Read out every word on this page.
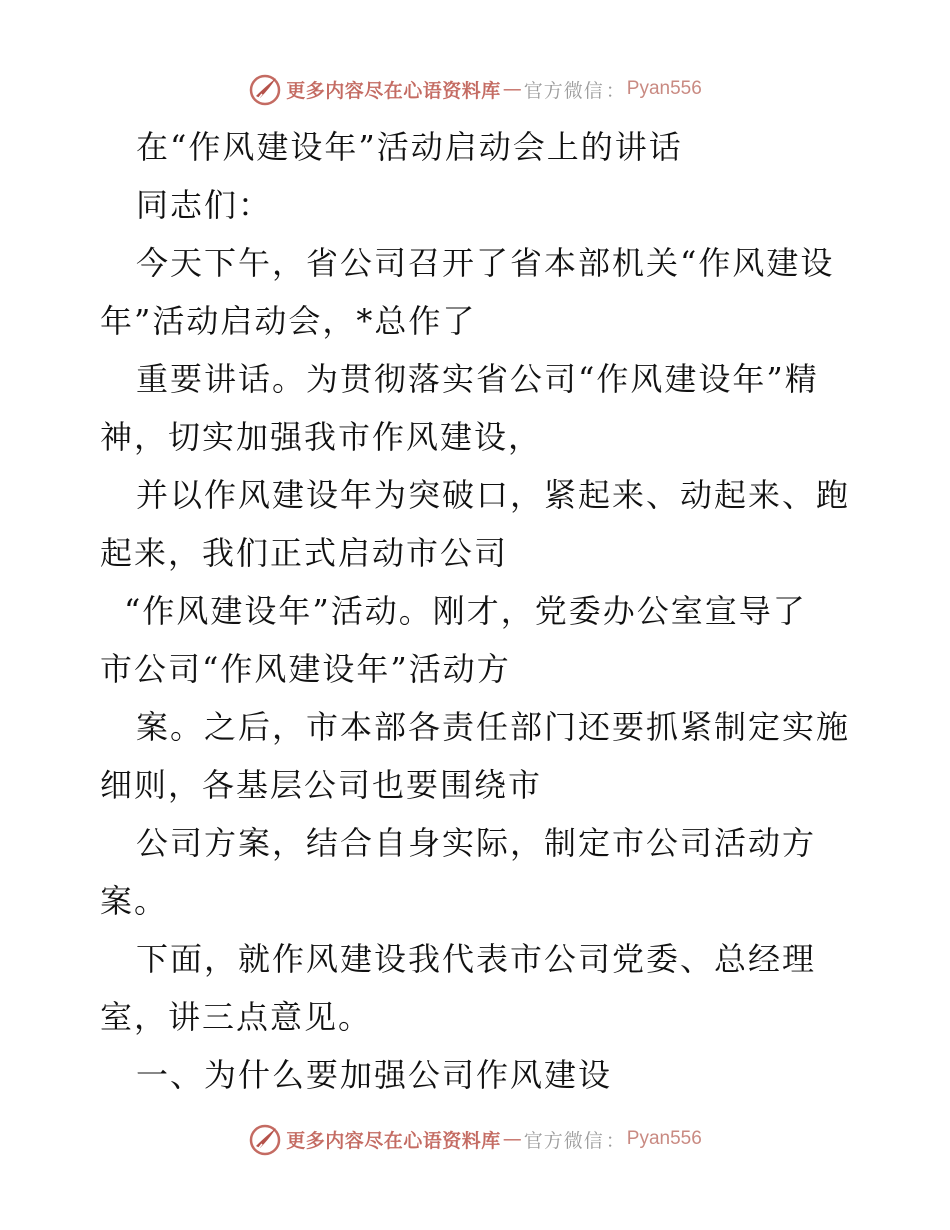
更多内容尽在心语资料库 — 官方微信 ： Pyan556
在“作风建设年”活动启动会上的讲话
同志们：
今天下午，省公司召开了省本部机关“作风建设
年”活动启动会，*总作了
重要讲话。为贯彻落实省公司“作风建设年”精
神，切实加强我市作风建设，
并以作风建设年为突破口，紧起来、动起来、跑
起来，我们正式启动市公司
“作风建设年”活动。刚才，党委办公室宣导了
市公司“作风建设年”活动方
案。之后，市本部各责任部门还要抓紧制定实施
细则，各基层公司也要围绕市
公司方案，结合自身实际，制定市公司活动方
案。
下面，就作风建设我代表市公司党委、总经理
室，讲三点意见。
一、为什么要加强公司作风建设
更多内容尽在心语资料库 — 官方微信 ： Pyan556
